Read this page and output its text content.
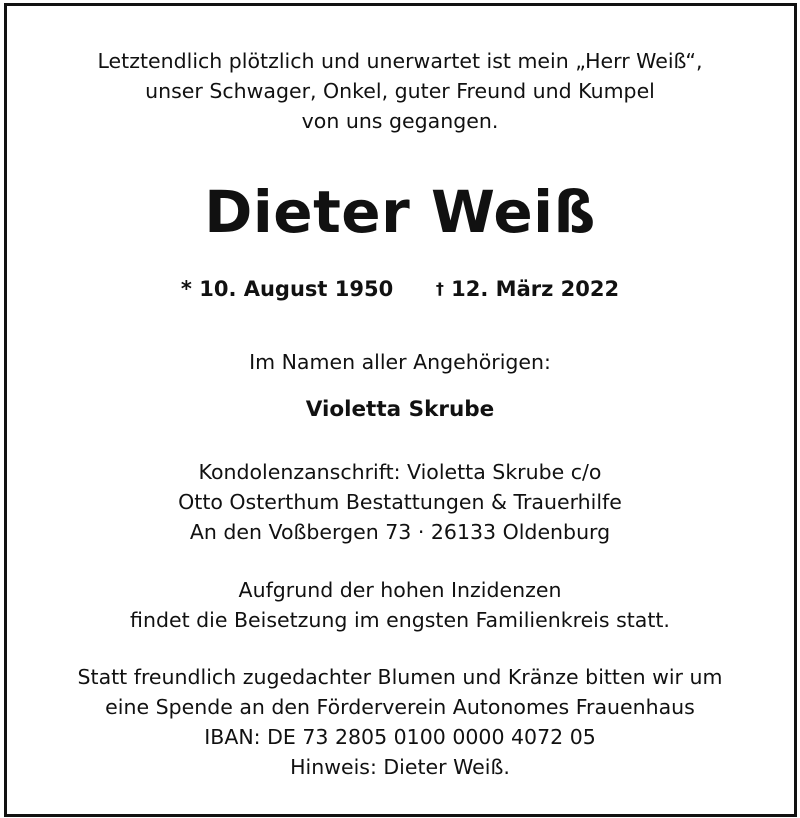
Letztendlich plötzlich und unerwartet ist mein „Herr Weiß“,
unser Schwager, Onkel, guter Freund und Kumpel
von uns gegangen.
Dieter Weiß
* 10. August 1950	† 12. März 2022
Im Namen aller Angehörigen:
Violetta Skrube
Kondolenzanschrift: Violetta Skrube c/o
Otto Osterthum Bestattungen & Trauerhilfe
An den Voßbergen 73 · 26133 Oldenburg
Aufgrund der hohen Inzidenzen
findet die Beisetzung im engsten Familienkreis statt.
Statt freundlich zugedachter Blumen und Kränze bitten wir um
eine Spende an den Förderverein Autonomes Frauenhaus
IBAN: DE 73 2805 0100 0000 4072 05
Hinweis: Dieter Weiß.
